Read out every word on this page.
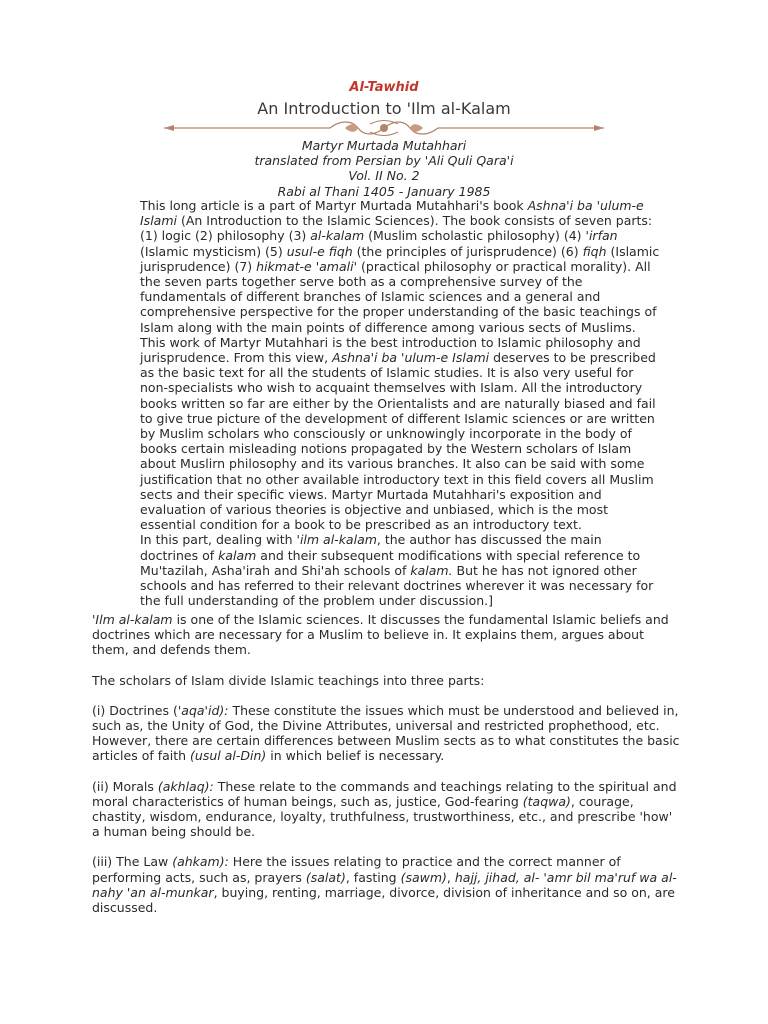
Al-Tawhid
An Introduction to 'Ilm al-Kalam
Martyr Murtada Mutahhari
translated from Persian by 'Ali Quli Qara'i
Vol. II No. 2
Rabi al Thani 1405 - January 1985

This long article is a part of Martyr Murtada Mutahhari's book Ashna'i ba 'ulum-e Islami (An Introduction to the Islamic Sciences). The book consists of seven parts: (1) logic (2) philosophy (3) al-kalam (Muslim scholastic philosophy) (4) 'irfan (Islamic mysticism) (5) usul-e fiqh (the principles of jurisprudence) (6) fiqh (Islamic jurisprudence) (7) hikmat-e 'amali' (practical philosophy or practical morality). All the seven parts together serve both as a comprehensive survey of the fundamentals of different branches of Islamic sciences and a general and comprehensive perspective for the proper understanding of the basic teachings of Islam along with the main points of difference among various sects of Muslims. This work of Martyr Mutahhari is the best introduction to Islamic philosophy and jurisprudence. From this view, Ashna'i ba 'ulum-e Islami deserves to be prescribed as the basic text for all the students of Islamic studies. It is also very useful for non-specialists who wish to acquaint themselves with Islam. All the introductory books written so far are either by the Orientalists and are naturally biased and fail to give true picture of the development of different Islamic sciences or are written by Muslim scholars who consciously or unknowingly incorporate in the body of books certain misleading notions propagated by the Western scholars of Islam about Muslirn philosophy and its various branches. It also can be said with some justification that no other available introductory text in this field covers all Muslim sects and their specific views. Martyr Murtada Mutahhari's exposition and evaluation of various theories is objective and unbiased, which is the most essential condition for a book to be prescribed as an introductory text.

In this part, dealing with 'ilm al-kalam, the author has discussed the main doctrines of kalam and their subsequent modifications with special reference to Mu'tazilah, Asha'irah and Shi'ah schools of kalam. But he has not ignored other schools and has referred to their relevant doctrines wherever it was necessary for the full understanding of the problem under discussion.]

'Ilm al-kalam is one of the Islamic sciences. It discusses the fundamental Islamic beliefs and doctrines which are necessary for a Muslim to believe in. It explains them, argues about them, and defends them.

The scholars of Islam divide Islamic teachings into three parts:

(i) Doctrines ('aqa'id): These constitute the issues which must be understood and believed in, such as, the Unity of God, the Divine Attributes, universal and restricted prophethood, etc. However, there are certain differences between Muslim sects as to what constitutes the basic articles of faith (usul al-Din) in which belief is necessary.

(ii) Morals (akhlaq): These relate to the commands and teachings relating to the spiritual and moral characteristics of human beings, such as, justice, God-fearing (taqwa), courage, chastity, wisdom, endurance, loyalty, truthfulness, trustworthiness, etc., and prescribe 'how' a human being should be.

(iii) The Law (ahkam): Here the issues relating to practice and the correct manner of performing acts, such as, prayers (salat), fasting (sawm), hajj, jihad, al- 'amr bil ma'ruf wa al-nahy 'an al-munkar, buying, renting, marriage, divorce, division of inheritance and so on, are discussed.
